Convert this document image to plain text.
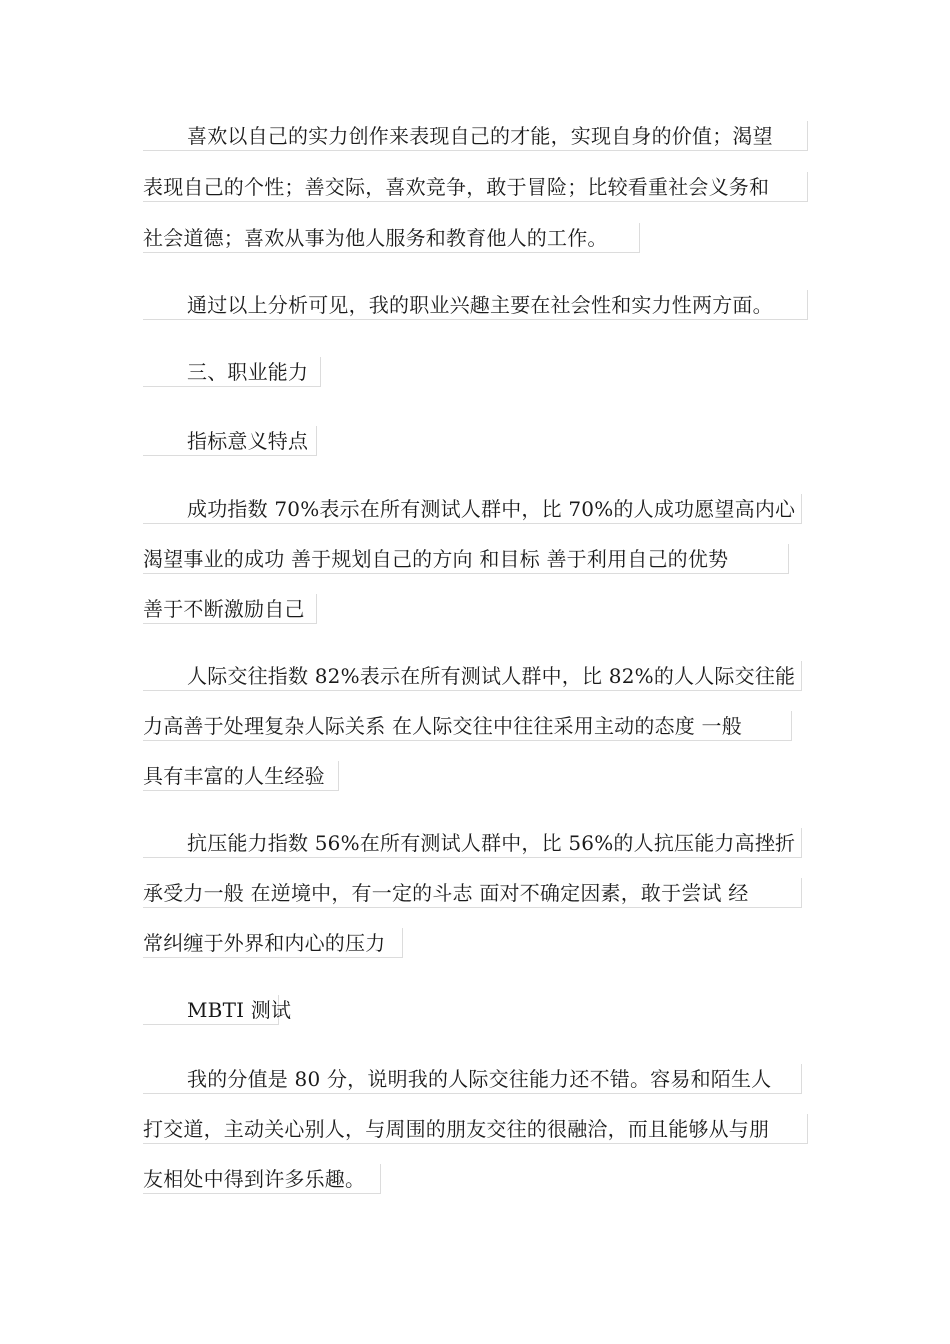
喜欢以自己的实力创作来表现自己的才能，实现自身的价值；渴望
表现自己的个性；善交际，喜欢竞争，敢于冒险；比较看重社会义务和
社会道德；喜欢从事为他人服务和教育他人的工作。
通过以上分析可见，我的职业兴趣主要在社会性和实力性两方面。
三、职业能力
指标意义特点
成功指数 70%表示在所有测试人群中，比 70%的人成功愿望高内心
渴望事业的成功 善于规划自己的方向 和目标 善于利用自己的优势
善于不断激励自己
人际交往指数 82%表示在所有测试人群中，比 82%的人人际交往能
力高善于处理复杂人际关系 在人际交往中往往采用主动的态度 一般
具有丰富的人生经验
抗压能力指数 56%在所有测试人群中，比 56%的人抗压能力高挫折
承受力一般 在逆境中，有一定的斗志 面对不确定因素，敢于尝试 经
常纠缠于外界和内心的压力
MBTI 测试
我的分值是 80 分，说明我的人际交往能力还不错。容易和陌生人
打交道，主动关心别人，与周围的朋友交往的很融洽，而且能够从与朋
友相处中得到许多乐趣。
